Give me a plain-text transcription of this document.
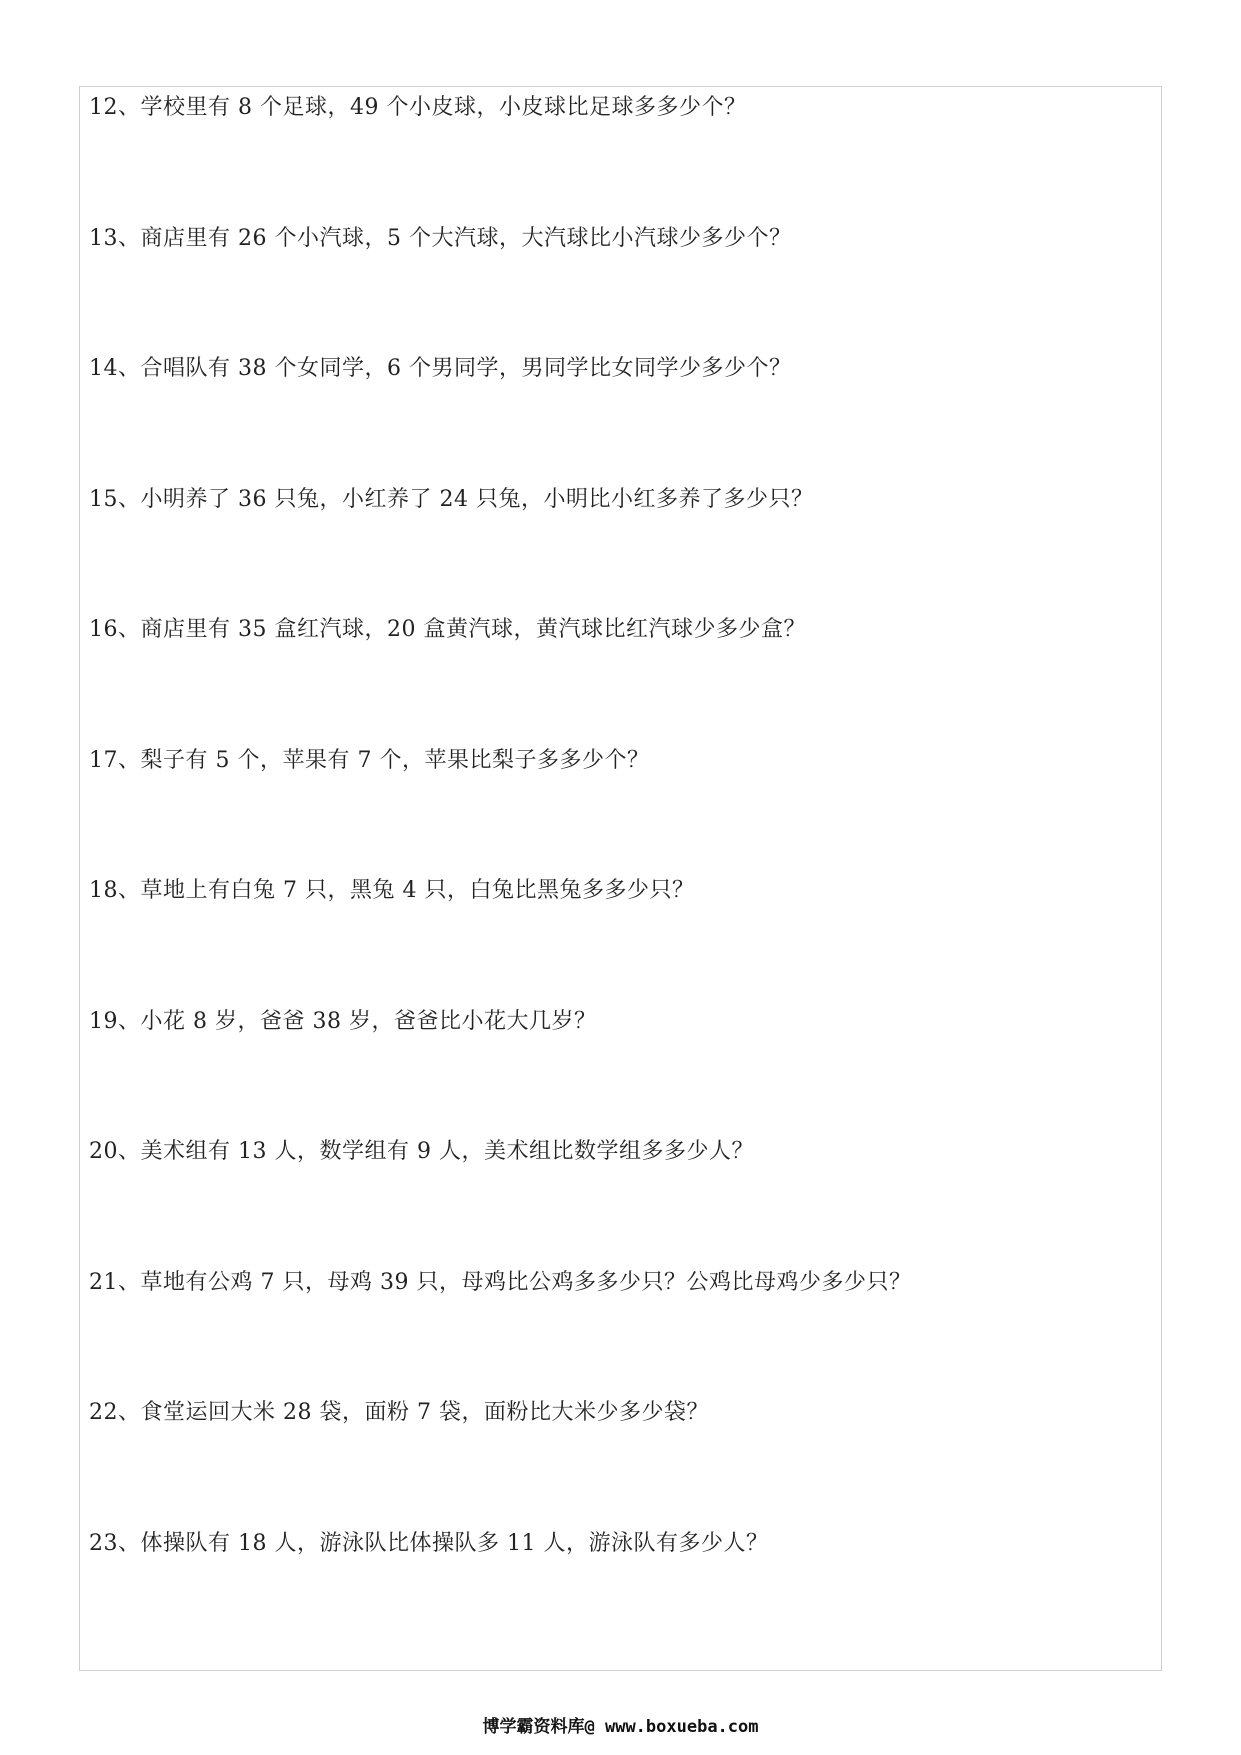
12、学校里有 8 个足球，49 个小皮球，小皮球比足球多多少个？
13、商店里有 26 个小汽球，5 个大汽球，大汽球比小汽球少多少个？
14、合唱队有 38 个女同学，6 个男同学，男同学比女同学少多少个？
15、小明养了 36 只兔，小红养了 24 只兔，小明比小红多养了多少只？
16、商店里有 35 盒红汽球，20 盒黄汽球，黄汽球比红汽球少多少盒？
17、梨子有 5 个，苹果有 7 个，苹果比梨子多多少个？
18、草地上有白兔 7 只，黑兔 4 只，白兔比黑兔多多少只？
19、小花 8 岁，爸爸 38 岁，爸爸比小花大几岁？
20、美术组有 13 人，数学组有 9 人，美术组比数学组多多少人？
21、草地有公鸡 7 只，母鸡 39 只，母鸡比公鸡多多少只？公鸡比母鸡少多少只？
22、食堂运回大米 28 袋，面粉 7 袋，面粉比大米少多少袋？
23、体操队有 18 人，游泳队比体操队多 11 人，游泳队有多少人？
博学霸资料库@ www.boxueba.com
